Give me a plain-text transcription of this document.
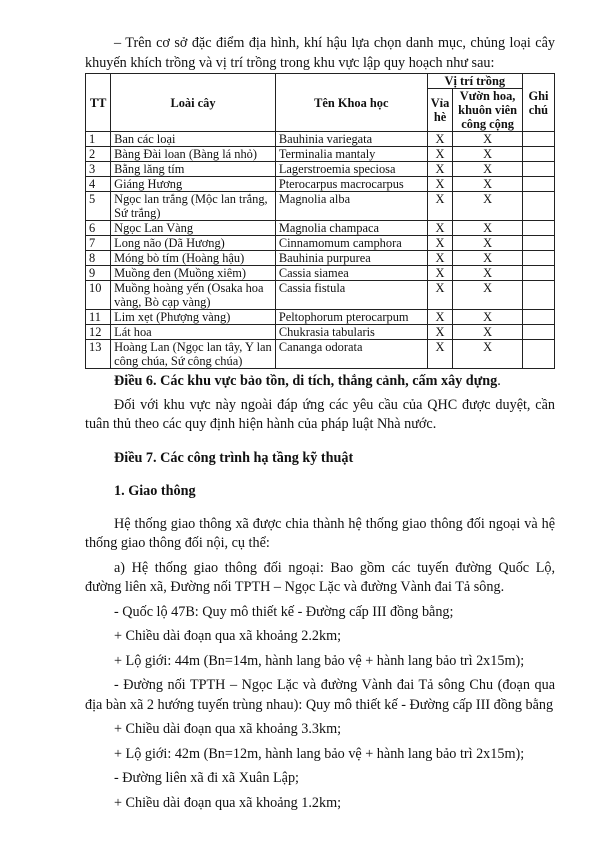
– Trên cơ sở đặc điểm địa hình, khí hậu lựa chọn danh mục, chủng loại cây khuyến khích trồng và vị trí trồng trong khu vực lập quy hoạch như sau:

TT	Loài cây	Tên Khoa học	Vị trí trồng		Ghi chú
			Vỉa hè	Vườn hoa, khuôn viên công cộng	
1	Ban các loại	Bauhinia variegata	X	X	
2	Bàng Đài loan (Bàng lá nhỏ)	Terminalia mantaly	X	X	
3	Bằng lăng tím	Lagerstroemia speciosa	X	X	
4	Giáng Hương	Pterocarpus macrocarpus	X	X	
5	Ngọc lan trắng (Mộc lan trắng, Sứ trắng)	Magnolia alba	X	X	
6	Ngọc Lan Vàng	Magnolia champaca	X	X	
7	Long não (Dã Hương)	Cinnamomum camphora	X	X	
8	Móng bò tím (Hoàng hậu)	Bauhinia purpurea	X	X	
9	Muồng đen (Muồng xiêm)	Cassia siamea	X	X	
10	Muồng hoàng yến (Osaka hoa vàng, Bò cạp vàng)	Cassia fistula	X	X	
11	Lim xẹt (Phượng vàng)	Peltophorum pterocarpum	X	X	
12	Lát hoa	Chukrasia tabularis	X	X	
13	Hoàng Lan (Ngọc lan tây, Y lan công chúa, Sứ công chúa)	Cananga odorata	X	X	

Điều 6. Các khu vực bảo tồn, di tích, thắng cảnh, cấm xây dựng.

Đối với khu vực này ngoài đáp ứng các yêu cầu của QHC được duyệt, cần tuân thủ theo các quy định hiện hành của pháp luật Nhà nước.

Điều 7. Các công trình hạ tầng kỹ thuật

1. Giao thông

Hệ thống giao thông xã được chia thành hệ thống giao thông đối ngoại và hệ thống giao thông đối nội, cụ thể:

a) Hệ thống giao thông đối ngoại: Bao gồm các tuyến đường Quốc Lộ, đường liên xã, Đường nối TPTH – Ngọc Lặc và đường Vành đai Tả sông.

- Quốc lộ 47B: Quy mô thiết kế - Đường cấp III đồng bằng;

+ Chiều dài đoạn qua xã khoảng 2.2km;

+ Lộ giới: 44m (Bn=14m, hành lang bảo vệ + hành lang bảo trì 2x15m);

- Đường nối TPTH – Ngọc Lặc và đường Vành đai Tả sông Chu (đoạn qua địa bàn xã 2 hướng tuyến trùng nhau): Quy mô thiết kế - Đường cấp III đồng bằng

+ Chiều dài đoạn qua xã khoảng 3.3km;

+ Lộ giới: 42m (Bn=12m, hành lang bảo vệ + hành lang bảo trì 2x15m);

- Đường liên xã đi xã Xuân Lập;

+ Chiều dài đoạn qua xã khoảng 1.2km;
